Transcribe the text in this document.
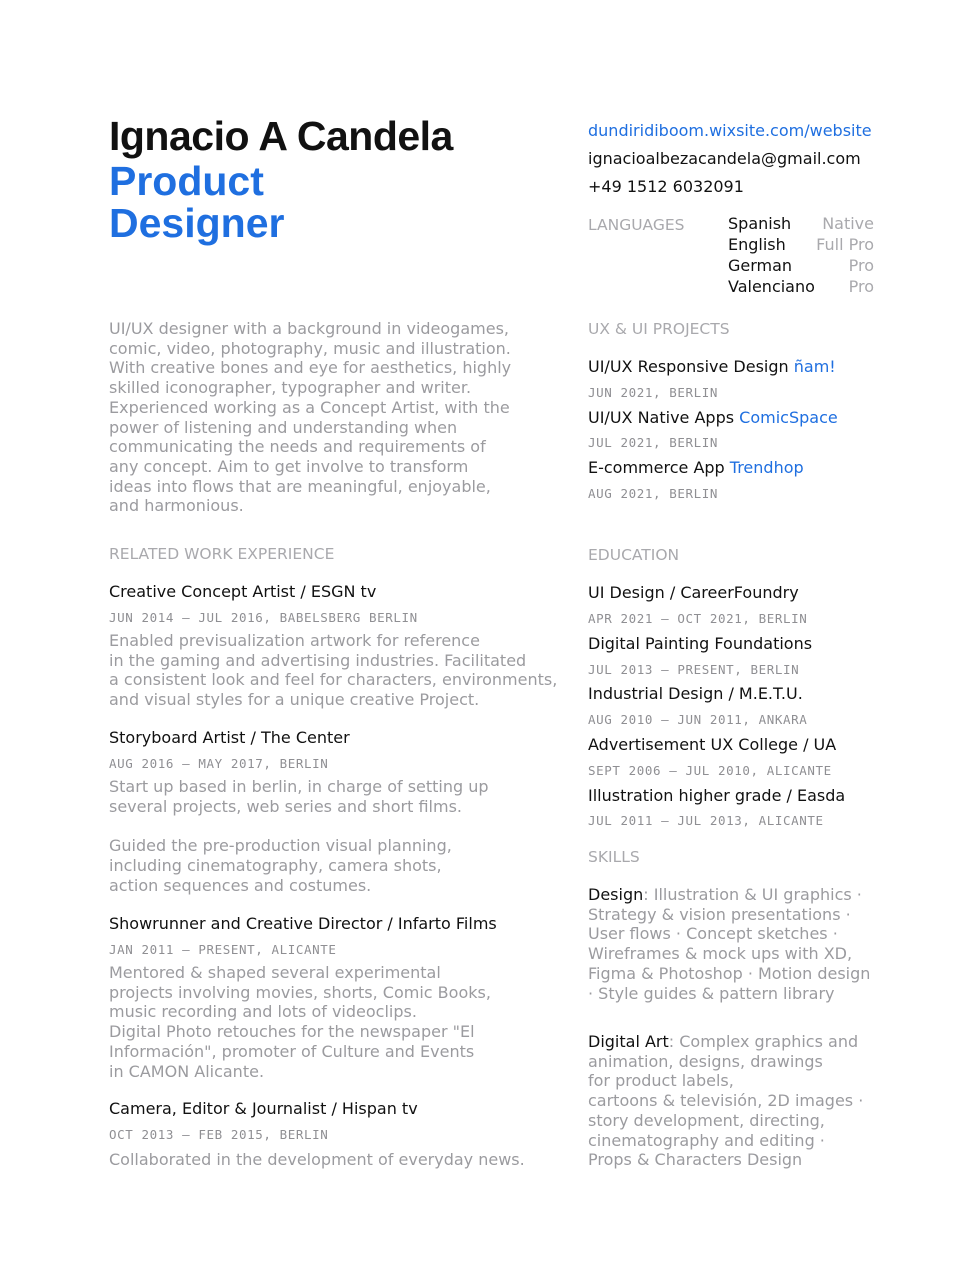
Ignacio A Candela
Product
Designer
dundiridiboom.wixsite.com/website
ignacioalbezacandela@gmail.com
+49 1512 6032091
LANGUAGES	Spanish Native
English Full Pro
German	Pro
Valenciano Pro
UI/UX designer with a background in videogames,
comic, video, photography, music and illustration.
With creative bones and eye for aesthetics, highly
skilled iconographer, typographer and writer.
Experienced working as a Concept Artist, with the
power of listening and understanding when
communicating the needs and requirements of
any concept. Aim to get involve to transform
ideas into flows that are meaningful, enjoyable,
and harmonious.
UX & UI PROJECTS
UI/UX Responsive Design ñam!
JUN 2021, BERLIN
UI/UX Native Apps ComicSpace
JUL 2021, BERLIN
E-commerce App Trendhop
AUG 2021, BERLIN
RELATED WORK EXPERIENCE
Creative Concept Artist / ESGN tv
JUN 2014 – JUL 2016, BABELSBERG BERLIN
Enabled previsualization artwork for reference
in the gaming and advertising industries. Facilitated
a consistent look and feel for characters, environments,
and visual styles for a unique creative Project.
Storyboard Artist / The Center
AUG 2016 – MAY 2017, BERLIN
Start up based in berlin, in charge of setting up
several projects, web series and short films.
Guided the pre-production visual planning,
including cinematography, camera shots,
action sequences and costumes.
Showrunner and Creative Director / Infarto Films
JAN 2011 – PRESENT, ALICANTE
Mentored & shaped several experimental
projects involving movies, shorts, Comic Books,
music recording and lots of videoclips.
Digital Photo retouches for the newspaper "El
Información", promoter of Culture and Events
in CAMON Alicante.
Camera, Editor & Journalist / Hispan tv
OCT 2013 – FEB 2015, BERLIN
Collaborated in the development of everyday news.
EDUCATION
UI Design / CareerFoundry
APR 2021 – OCT 2021, BERLIN
Digital Painting Foundations
JUL 2013 – PRESENT, BERLIN
Industrial Design / M.E.T.U.
AUG 2010 – JUN 2011, ANKARA
Advertisement UX College / UA
SEPT 2006 – JUL 2010, ALICANTE
Illustration higher grade / Easda
JUL 2011 – JUL 2013, ALICANTE
SKILLS
Design: Illustration & UI graphics ·
Strategy & vision presentations ·
User flows · Concept sketches ·
Wireframes & mock ups with XD,
Figma & Photoshop · Motion design
· Style guides & pattern library
Digital Art: Complex graphics and
animation, designs, drawings
for product labels,
cartoons & televisión, 2D images ·
story development, directing,
cinematography and editing ·
Props & Characters Design
